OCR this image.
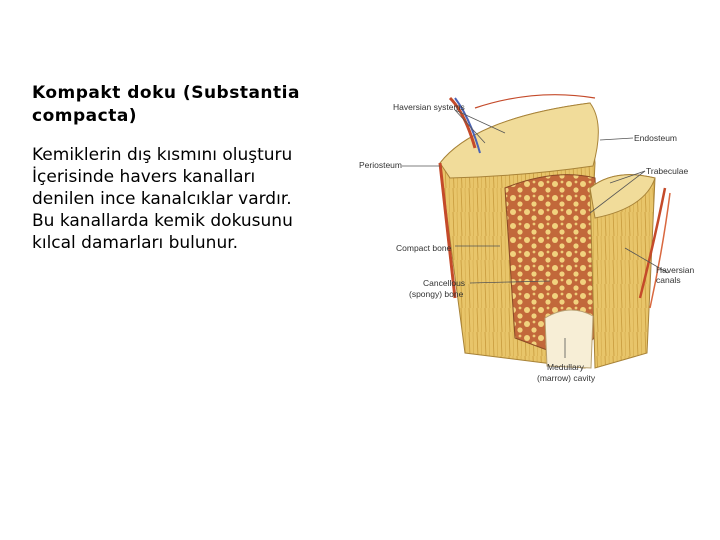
Kompakt doku (Substantia
compacta)
Kemiklerin dış kısmını oluşturu
İçerisinde havers kanalları
denilen ince kanalcıklar vardır.
Bu kanallarda kemik dokusunu
kılcal damarları bulunur.
Haversian systems
Periosteum
Compact bone
Cancellous
(spongy) bone
Endosteum
Trabeculae
Haversian
canals
Medullary
(marrow) cavity
